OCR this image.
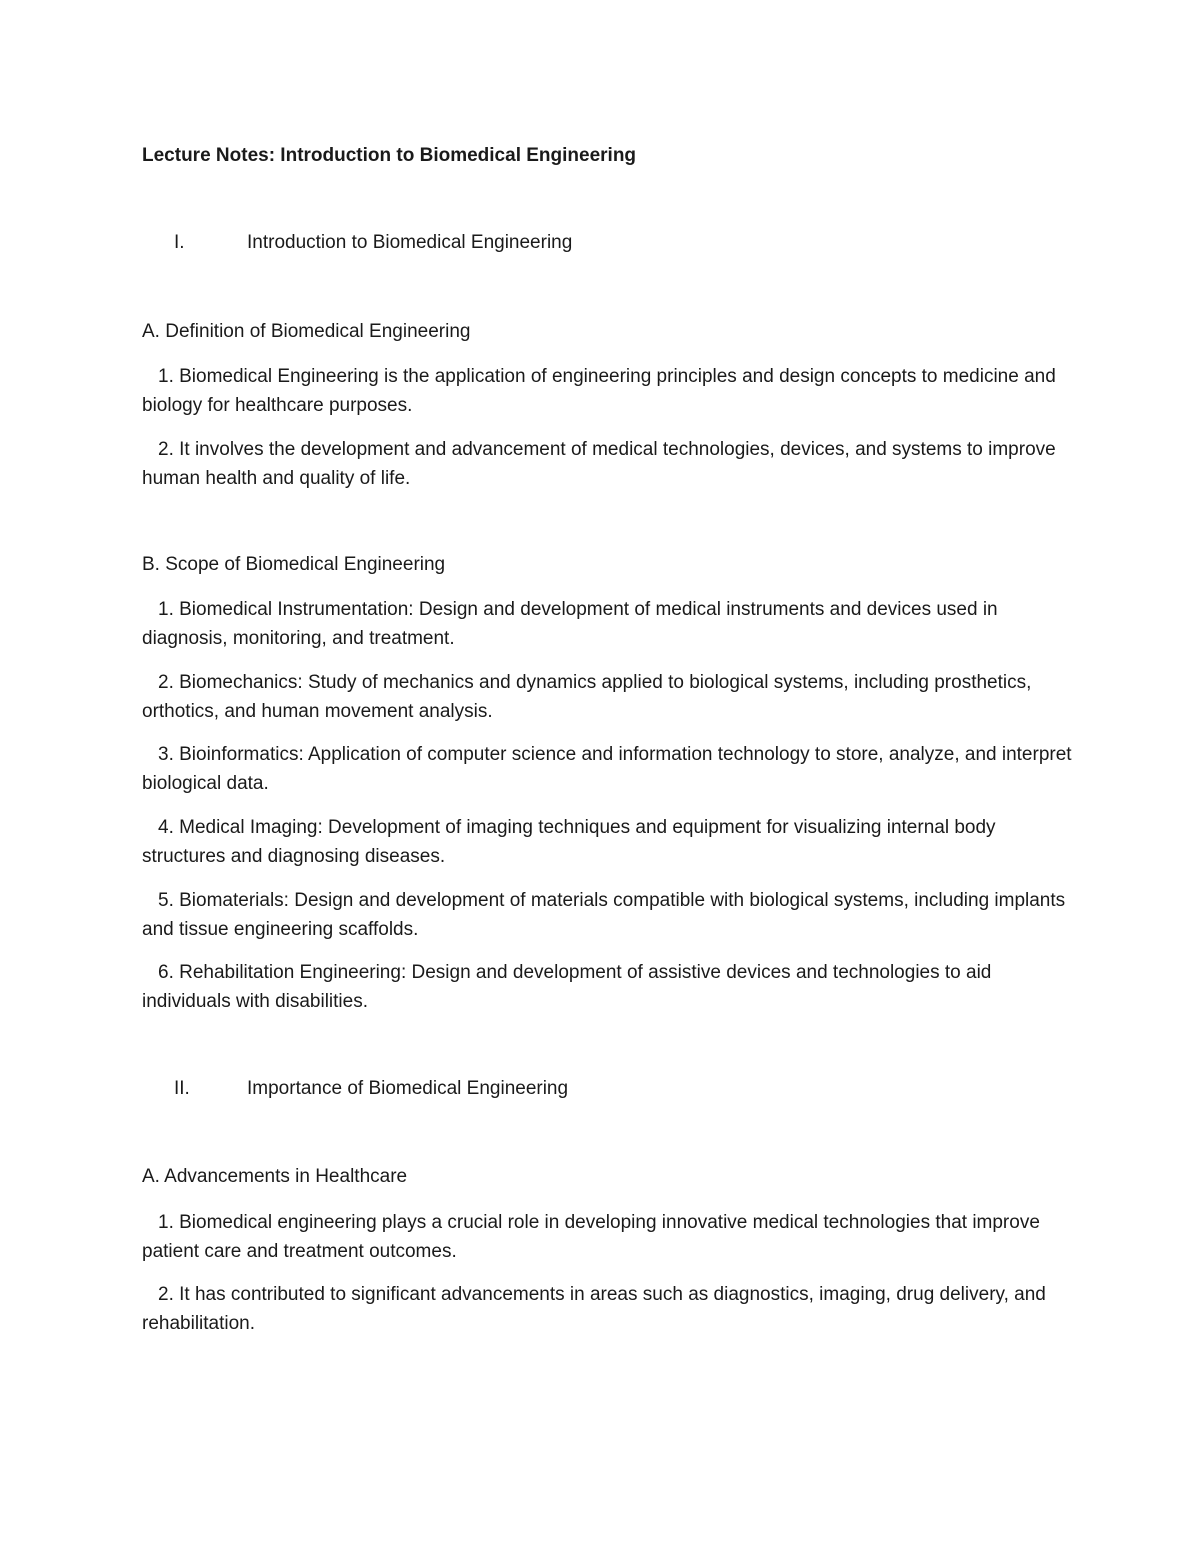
Lecture Notes: Introduction to Biomedical Engineering
I.	Introduction to Biomedical Engineering
A. Definition of Biomedical Engineering
1. Biomedical Engineering is the application of engineering principles and design concepts to medicine and biology for healthcare purposes.
2. It involves the development and advancement of medical technologies, devices, and systems to improve human health and quality of life.
B. Scope of Biomedical Engineering
1. Biomedical Instrumentation: Design and development of medical instruments and devices used in diagnosis, monitoring, and treatment.
2. Biomechanics: Study of mechanics and dynamics applied to biological systems, including prosthetics, orthotics, and human movement analysis.
3. Bioinformatics: Application of computer science and information technology to store, analyze, and interpret biological data.
4. Medical Imaging: Development of imaging techniques and equipment for visualizing internal body structures and diagnosing diseases.
5. Biomaterials: Design and development of materials compatible with biological systems, including implants and tissue engineering scaffolds.
6. Rehabilitation Engineering: Design and development of assistive devices and technologies to aid individuals with disabilities.
II.	Importance of Biomedical Engineering
A. Advancements in Healthcare
1. Biomedical engineering plays a crucial role in developing innovative medical technologies that improve patient care and treatment outcomes.
2. It has contributed to significant advancements in areas such as diagnostics, imaging, drug delivery, and rehabilitation.
